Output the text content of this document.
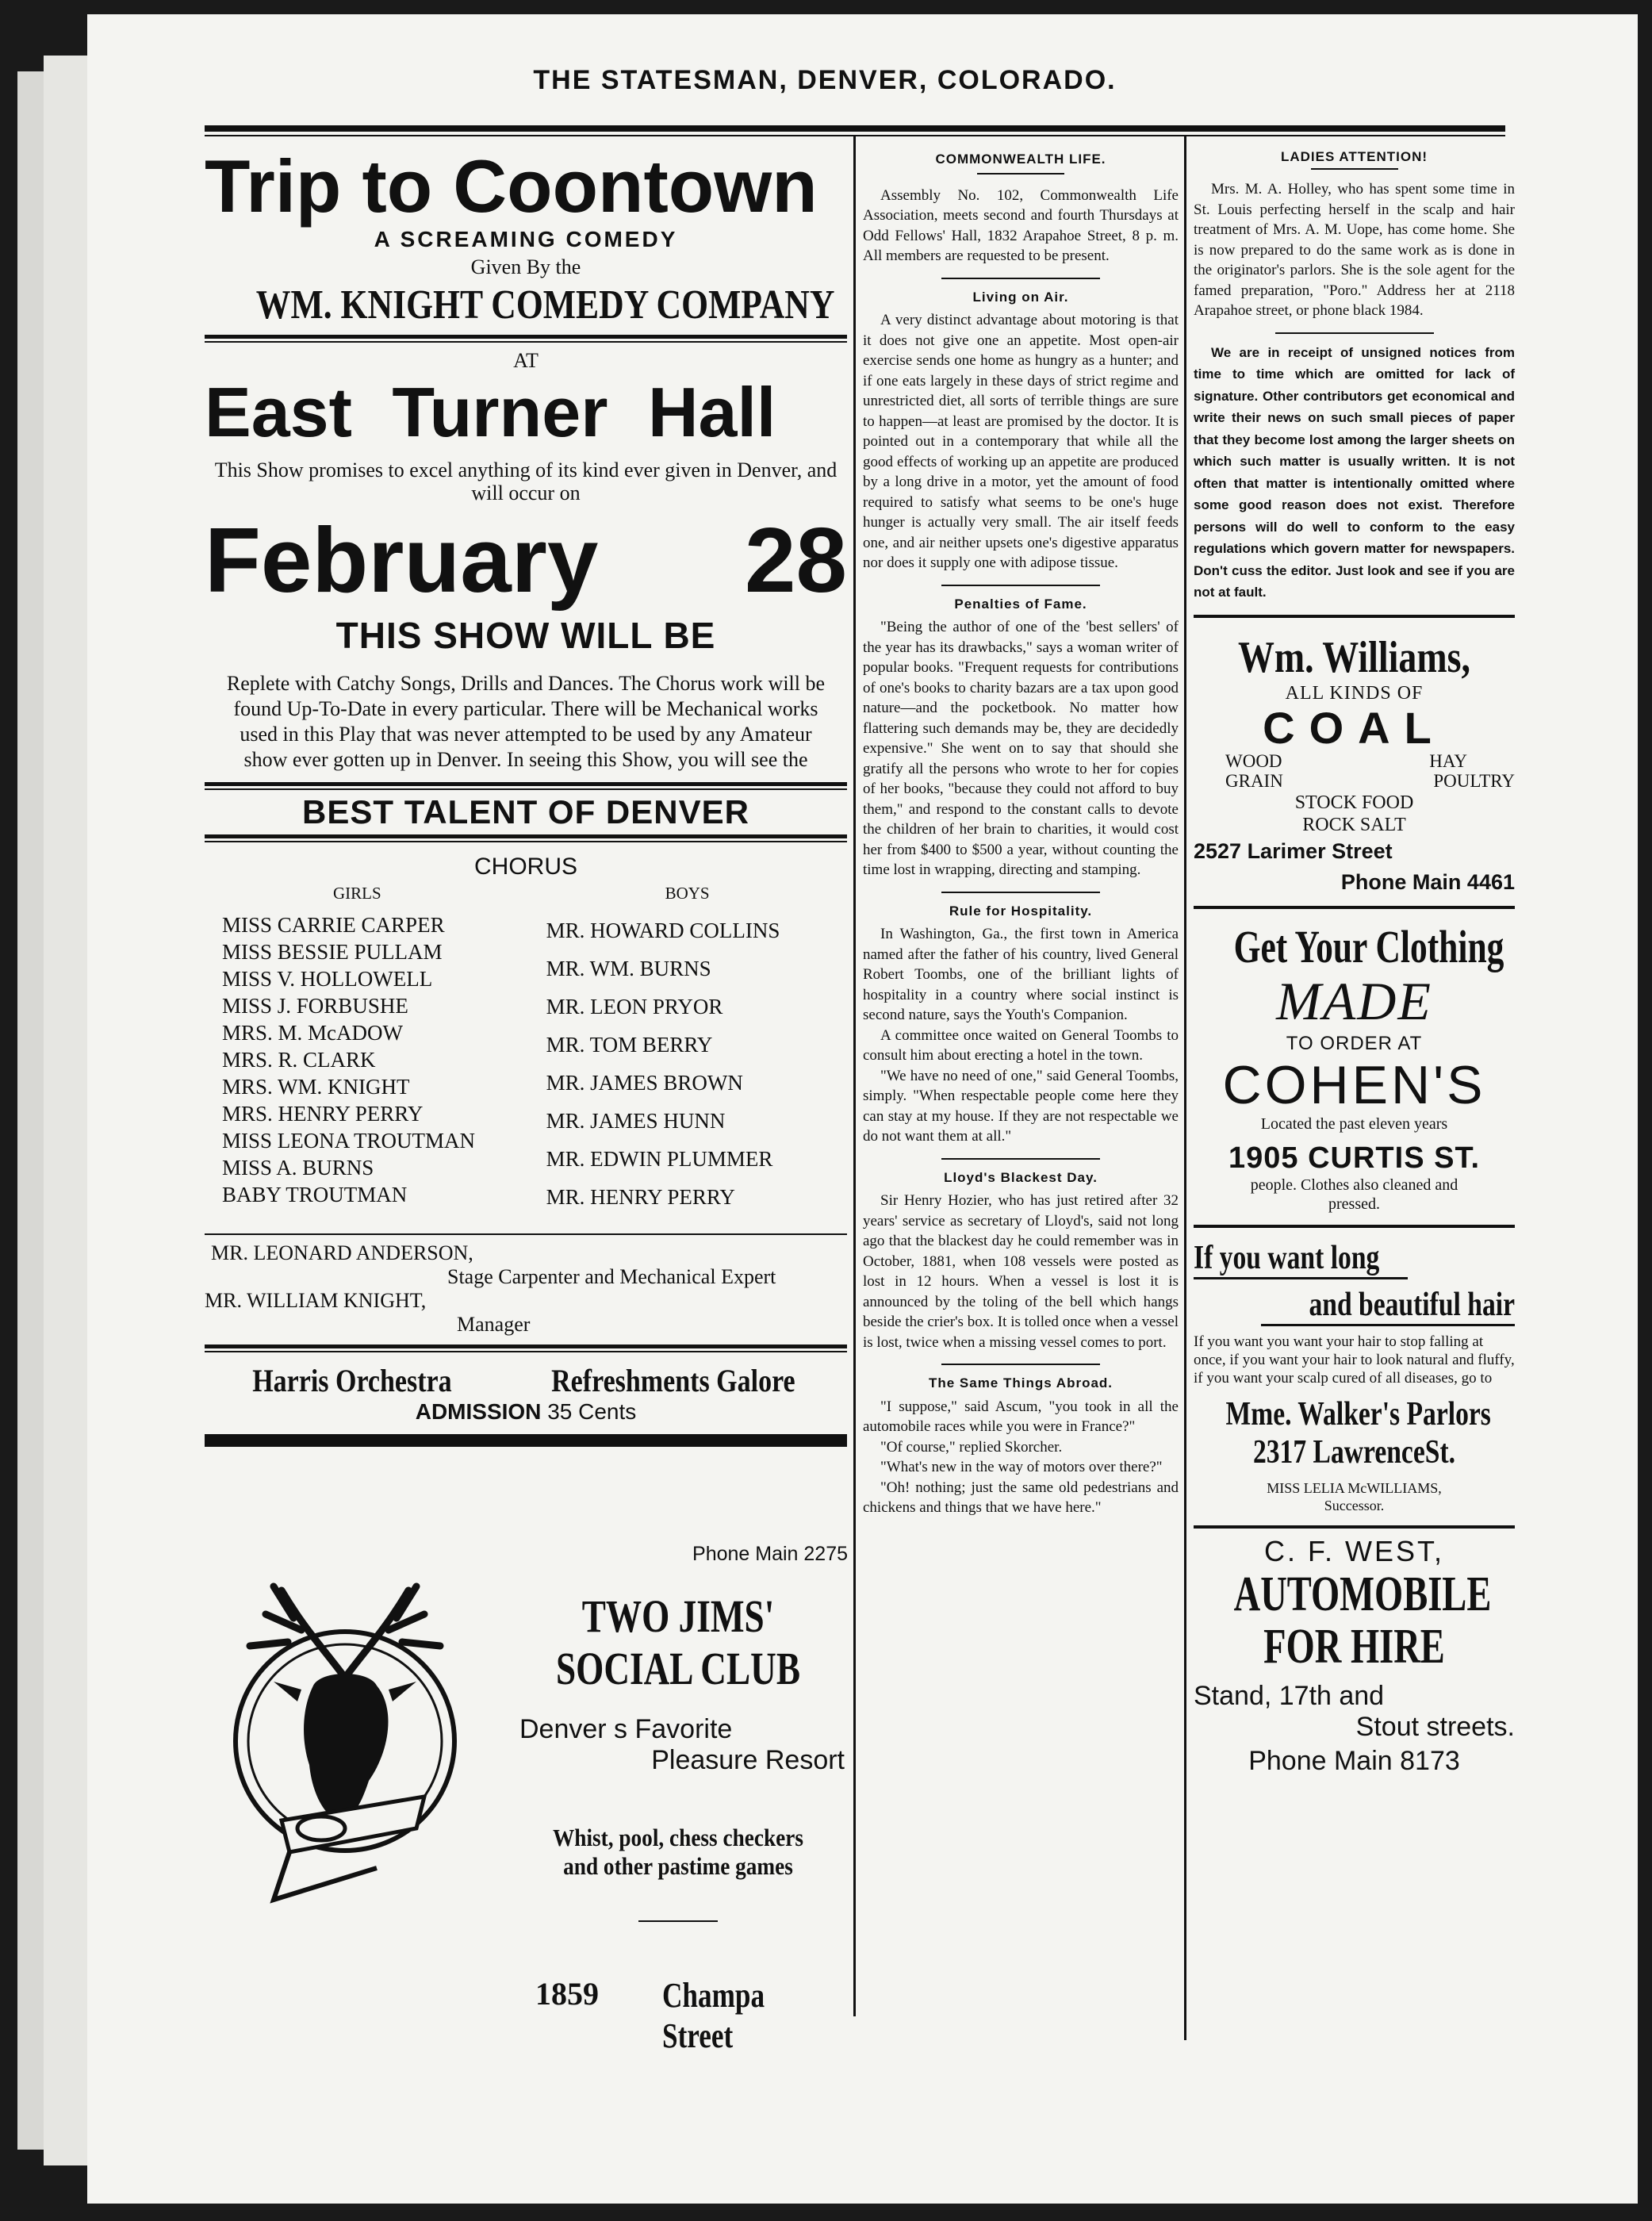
THE STATESMAN, DENVER, COLORADO.
Trip to Coontown
A SCREAMING COMEDY
Given By the
WM. KNIGHT COMEDY COMPANY
AT
East Turner Hall
This Show promises to excel anything of its kind ever given in Denver, and will occur on
February 28
THIS SHOW WILL BE
Replete with Catchy Songs, Drills and Dances. The Chorus work will be found Up-To-Date in every particular. There will be Mechanical works used in this Play that was never attempted to be used by any Amateur show ever gotten up in Denver. In seeing this Show, you will see the
BEST TALENT OF DENVER
CHORUS
GIRLS
MISS CARRIE CARPER
MISS BESSIE PULLAM
MISS V. HOLLOWELL
MISS J. FORBUSHE
MRS. M. McADOW
MRS. R. CLARK
MRS. WM. KNIGHT
MRS. HENRY PERRY
MISS LEONA TROUTMAN
MISS A. BURNS
BABY TROUTMAN
BOYS
MR. HOWARD COLLINS
MR. WM. BURNS
MR. LEON PRYOR
MR. TOM BERRY
MR. JAMES BROWN
MR. JAMES HUNN
MR. EDWIN PLUMMER
MR. HENRY PERRY
MR. LEONARD ANDERSON,
Stage Carpenter and Mechanical Expert
MR. WILLIAM KNIGHT,
Manager
Harris Orchestra	Refreshments Galore
ADMISSION 35 Cents
Phone Main 2275
TWO JIMS'
SOCIAL CLUB
Denver s Favorite
Pleasure Resort
Whist, pool, chess checkers
and other pastime games
1859 Champa Street
COMMONWEALTH LIFE.

Assembly No. 102, Commonwealth Life Association, meets second and fourth Thursdays at Odd Fellows' Hall, 1832 Arapahoe Street, 8 p. m. All members are requested to be present.

Living on Air.

A very distinct advantage about motoring is that it does not give one an appetite. Most open-air exercise sends one home as hungry as a hunter; and if one eats largely in these days of strict regime and unrestricted diet, all sorts of terrible things are sure to happen—at least are promised by the doctor. It is pointed out in a contemporary that while all the good effects of working up an appetite are produced by a long drive in a motor, yet the amount of food required to satisfy what seems to be one's huge hunger is actually very small. The air itself feeds one, and air neither upsets one's digestive apparatus nor does it supply one with adipose tissue.

Penalties of Fame.

"Being the author of one of the 'best sellers' of the year has its drawbacks," says a woman writer of popular books. "Frequent requests for contributions of one's books to charity bazars are a tax upon good nature—and the pocketbook. No matter how flattering such demands may be, they are decidedly expensive." She went on to say that should she gratify all the persons who wrote to her for copies of her books, "because they could not afford to buy them," and respond to the constant calls to devote the children of her brain to charities, it would cost her from $400 to $500 a year, without counting the time lost in wrapping, directing and stamping.

Rule for Hospitality.

In Washington, Ga., the first town in America named after the father of his country, lived General Robert Toombs, one of the brilliant lights of hospitality in a country where social instinct is second nature, says the Youth's Companion.

A committee once waited on General Toombs to consult him about erecting a hotel in the town.

"We have no need of one," said General Toombs, simply. "When respectable people come here they can stay at my house. If they are not respectable we do not want them at all."

Lloyd's Blackest Day.

Sir Henry Hozier, who has just retired after 32 years' service as secretary of Lloyd's, said not long ago that the blackest day he could remember was in October, 1881, when 108 vessels were posted as lost in 12 hours. When a vessel is lost it is announced by the toling of the bell which hangs beside the crier's box. It is tolled once when a vessel is lost, twice when a missing vessel comes to port.

The Same Things Abroad.

"I suppose," said Ascum, "you took in all the automobile races while you were in France?"

"Of course," replied Skorcher.

"What's new in the way of motors over there?"

"Oh! nothing; just the same old pedestrians and chickens and things that we have here."

LADIES ATTENTION!

Mrs. M. A. Holley, who has spent some time in St. Louis perfecting herself in the scalp and hair treatment of Mrs. A. M. Uope, has come home. She is now prepared to do the same work as is done in the originator's parlors. She is the sole agent for the famed preparation, "Poro." Address her at 2118 Arapahoe street, or phone black 1984.

We are in receipt of unsigned notices from time to time which are omitted for lack of signature. Other contributors get economical and write their news on such small pieces of paper that they become lost among the larger sheets on which such matter is usually written. It is not often that matter is intentionally omitted where some good reason does not exist. Therefore persons will do well to conform to the easy regulations which govern matter for newspapers. Don't cuss the editor. Just look and see if you are not at fault.

Wm. Williams,
ALL KINDS OF
COAL
WOOD	HAY
GRAIN	POULTRY
STOCK FOOD
ROCK SALT
2527 Larimer Street
Phone Main 4461
Get Your Clothing
MADE
TO ORDER AT
COHEN'S
Located the past eleven years
1905 CURTIS ST.
people. Clothes also cleaned and pressed.
If you want long
and beautiful hair
If you want you want your hair to stop falling at once, if you want your hair to look natural and fluffy, if you want your scalp cured of all diseases, go to
Mme. Walker's Parlors
2317 LawrenceSt.
MISS LELIA McWILLIAMS, Successor.
C. F. WEST,
AUTOMOBILE
FOR HIRE
Stand, 17th and
Stout streets.
Phone Main 8173
